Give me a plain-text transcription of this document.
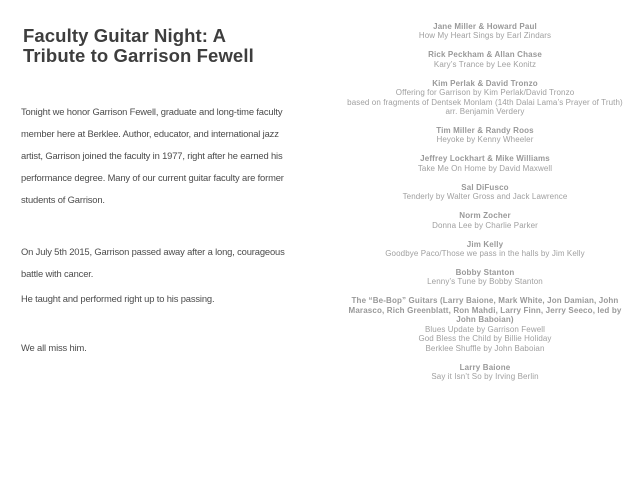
Faculty Guitar Night: A
Tribute to Garrison Fewell
Tonight we honor Garrison Fewell, graduate and long-time faculty
member here at Berklee. Author, educator, and international jazz
artist, Garrison joined the faculty in 1977, right after he earned his
performance degree. Many of our current guitar faculty are former
students of Garrison.
On July 5th 2015, Garrison passed away after a long, courageous
battle with cancer.
He taught and performed right up to his passing.
We all miss him.
Jane Miller & Howard Paul
How My Heart Sings by Earl Zindars
Rick Peckham & Allan Chase
Kary’s Trance by Lee Konitz
Kim Perlak & David Tronzo
Offering for Garrison by Kim Perlak/David Tronzo
based on fragments of Dentsek Monlam (14th Dalai Lama’s Prayer of Truth)
arr. Benjamin Verdery
Tim Miller & Randy Roos
Heyoke by Kenny Wheeler
Jeffrey Lockhart & Mike Williams
Take Me On Home by David Maxwell
Sal DiFusco
Tenderly by Walter Gross and Jack Lawrence
Norm Zocher
Donna Lee by Charlie Parker
Jim Kelly
Goodbye Paco/Those we pass in the halls by Jim Kelly
Bobby Stanton
Lenny’s Tune by Bobby Stanton
The “Be-Bop” Guitars (Larry Baione, Mark White, Jon Damian, John
Marasco, Rich Greenblatt, Ron Mahdi, Larry Finn, Jerry Seeco, led by
John Baboian)
Blues Update by Garrison Fewell
God Bless the Child by Billie Holiday
Berklee Shuffle by John Baboian
Larry Baione
Say it Isn’t So by Irving Berlin
